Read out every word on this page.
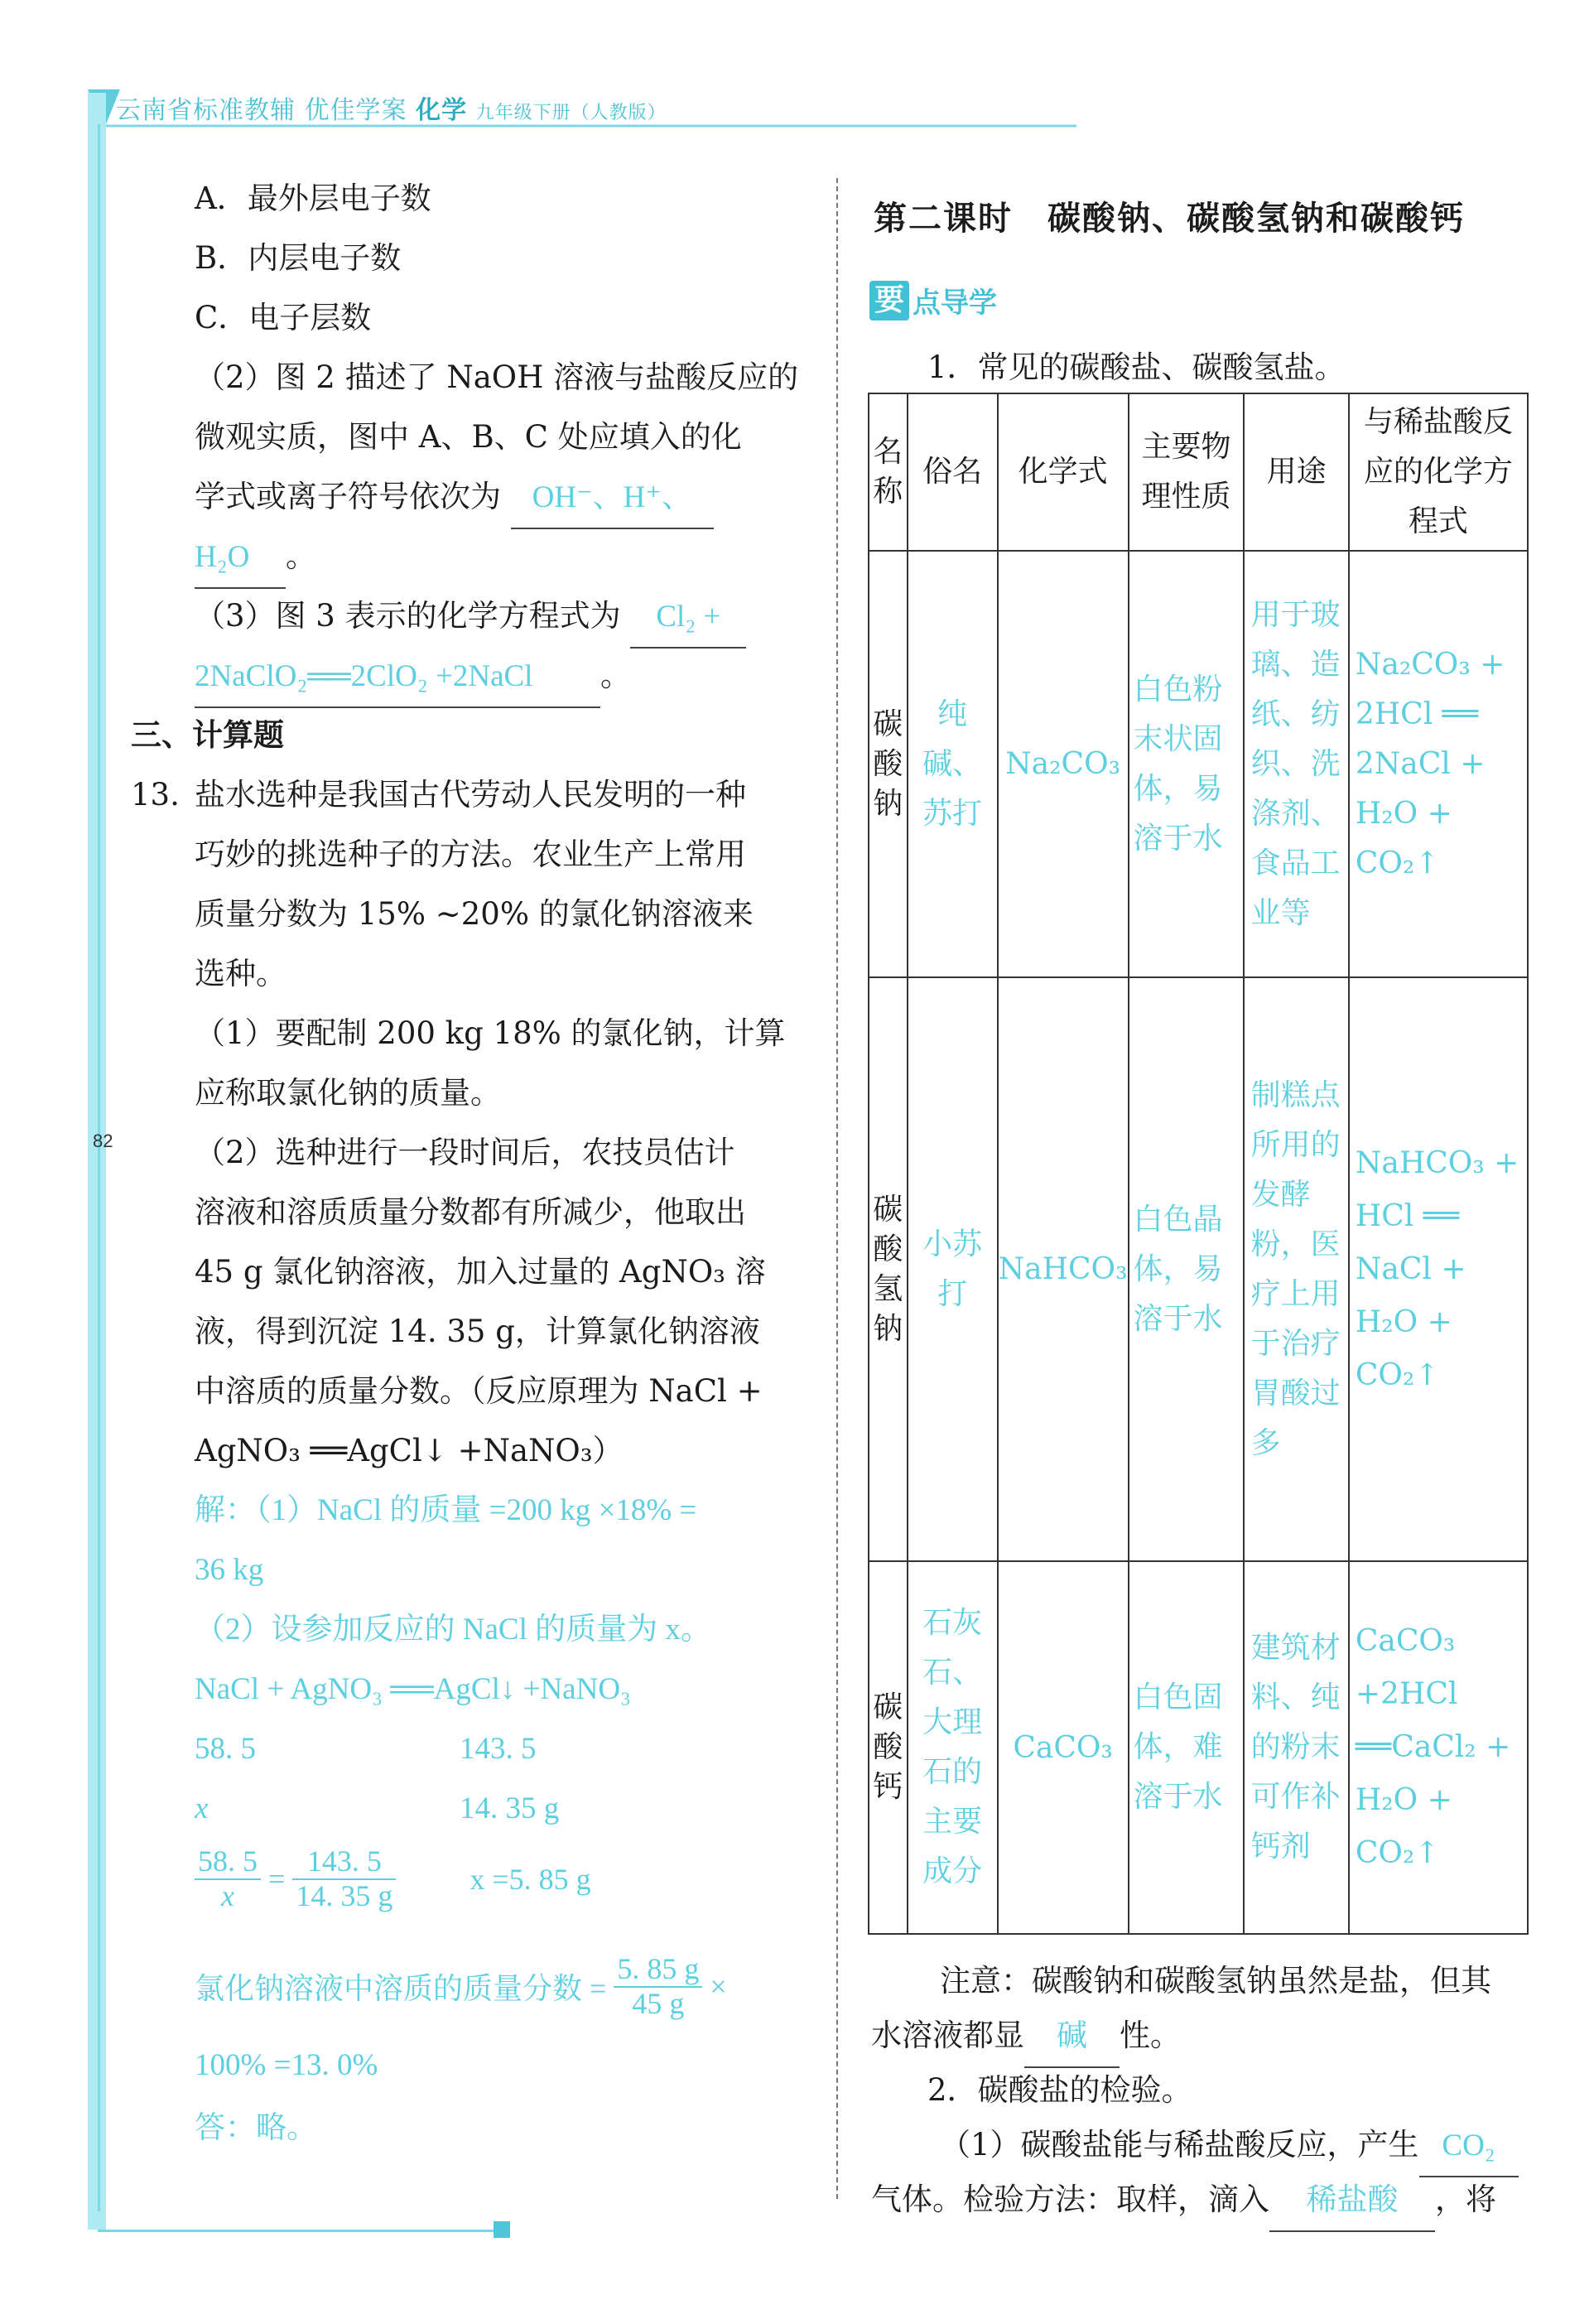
云南省标准教辅 优佳学案 化学 九年级下册（人教版）
82
A．最外层电子数
B．内层电子数
C．电子层数
（2）图 2 描述了 NaOH 溶液与盐酸反应的
微观实质，图中 A、B、C 处应填入的化
学式或离子符号依次为 OH⁻、H⁺、
H₂O 。
（3）图 3 表示的化学方程式为 Cl₂ +
2NaClO₂══2ClO₂ +2NaCl 。
三、计算题
13. 盐水选种是我国古代劳动人民发明的一种
巧妙的挑选种子的方法。农业生产上常用
质量分数为 15% ~20% 的氯化钠溶液来
选种。
（1）要配制 200 kg 18% 的氯化钠，计算
应称取氯化钠的质量。
（2）选种进行一段时间后，农技员估计
溶液和溶质质量分数都有所减少，他取出
45 g 氯化钠溶液，加入过量的 AgNO₃ 溶
液，得到沉淀 14. 35 g，计算氯化钠溶液
中溶质的质量分数。（反应原理为 NaCl +
AgNO₃ ══AgCl↓ +NaNO₃）
解：（1）NaCl 的质量 =200 kg ×18% =
36 kg
（2）设参加反应的 NaCl 的质量为 x。
NaCl + AgNO₃ ══AgCl↓ +NaNO₃
58. 5	143. 5
x	14. 35 g
$\frac{58. 5}{x} = \frac{143. 5}{14. 35 g}$ x =5. 85 g
氯化钠溶液中溶质的质量分数 = $\frac{5. 85 g}{45 g}$ ×
100% =13. 0%
答：略。
第二课时　碳酸钠、碳酸氢钠和碳酸钙
要 点导学
1．常见的碳酸盐、碳酸氢盐。
名称	俗名	化学式	主要物理性质	用途	与稀盐酸反应的化学方程式

碳酸钠	纯碱、苏打	Na₂CO₃	白色粉末状固体，易溶于水	用于玻璃、造纸、纺织、洗涤剂、食品工业等	Na₂CO₃ + 2HCl ══ 2NaCl + H₂O + CO₂↑

碳酸氢钠	小苏打	NaHCO₃	白色晶体，易溶于水	制糕点所用的发酵粉，医疗上用于治疗胃酸过多	NaHCO₃ + HCl ══ NaCl + H₂O + CO₂↑

碳酸钙	石灰石、大理石的主要成分	CaCO₃	白色固体，难溶于水	建筑材料、纯的粉末可作补钙剂	CaCO₃ +2HCl ══CaCl₂ + H₂O + CO₂↑
注意：碳酸钠和碳酸氢钠虽然是盐，但其
水溶液都显 碱 性。
2．碳酸盐的检验。
（1）碳酸盐能与稀盐酸反应，产生 CO₂
气体。检验方法：取样，滴入 稀盐酸 ，将
